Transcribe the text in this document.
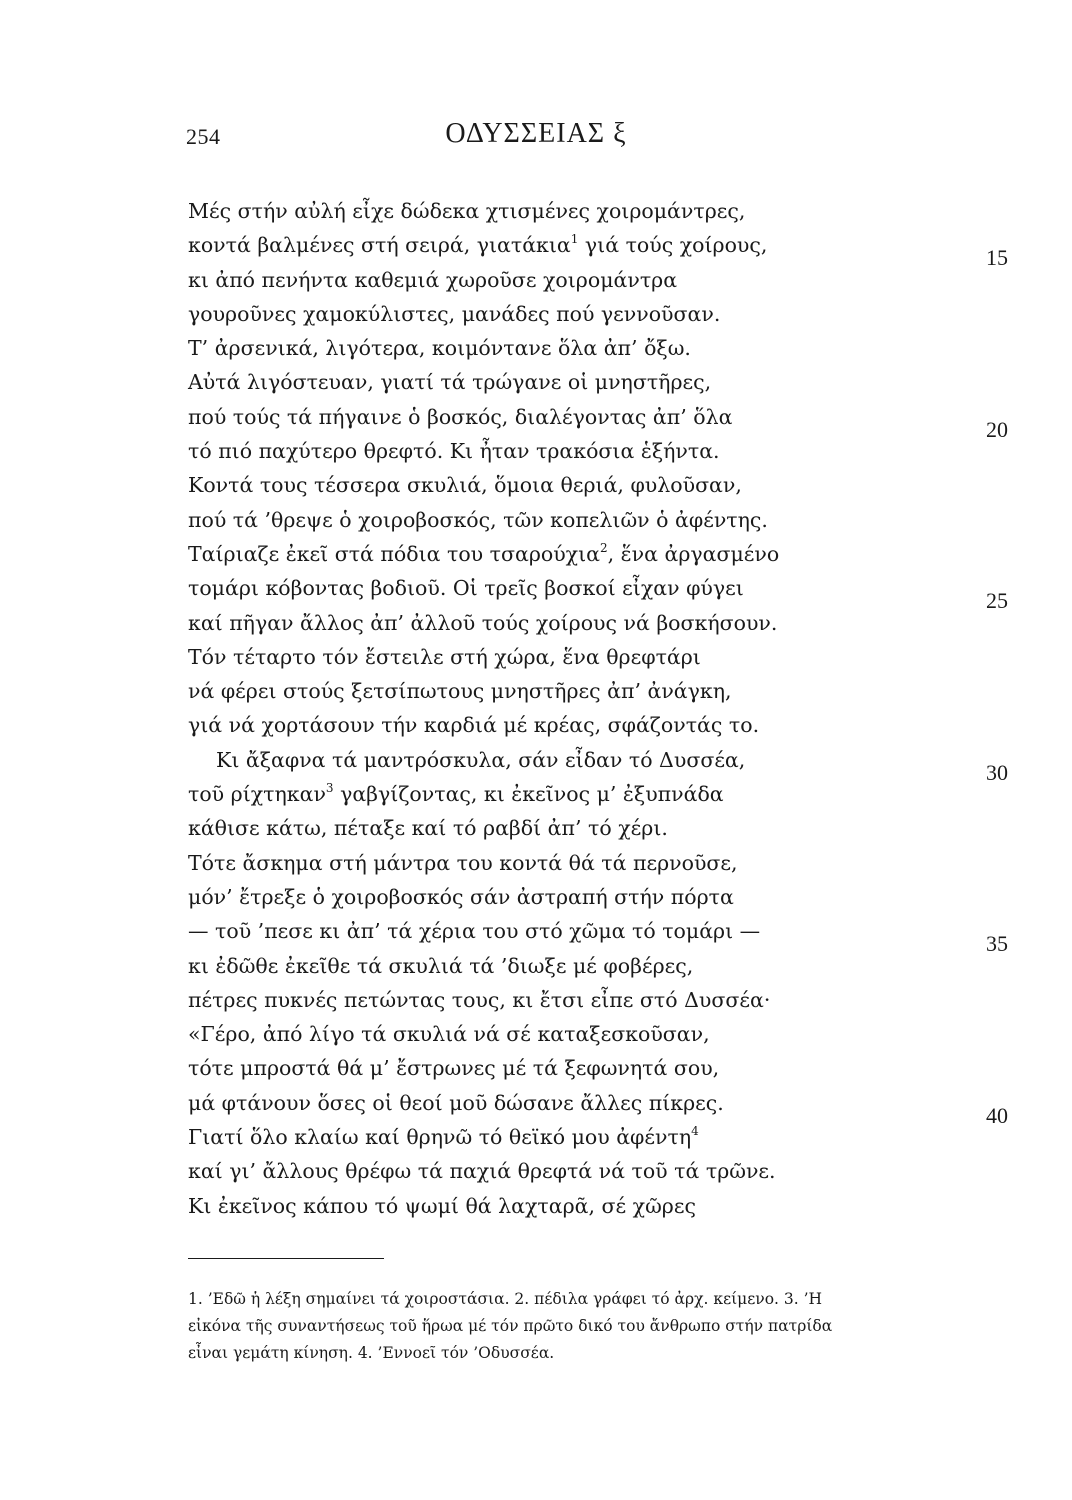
254	ΟΔΥΣΣΕΙΑΣ ξ
Μές στήν αὐλή εἶχε δώδεκα χτισμένες χοιρομάντρες,
κοντά βαλμένες στή σειρά, γιατάκια$^1$ γιά τούς χοίρους,	15
κι ἀπό πενήντα καθεμιά χωροῦσε χοιρομάντρα
γουροῦνες χαμοκύλιστες, μανάδες πού γεννοῦσαν.
Τ’ ἀρσενικά, λιγότερα, κοιμόντανε ὅλα ἀπ’ ὄξω.
Αὐτά λιγόστευαν, γιατί τά τρώγανε οἱ μνηστῆρες,
πού τούς τά πήγαινε ὁ βοσκός, διαλέγοντας ἀπ’ ὅλα	20
τό πιό παχύτερο θρεφτό. Κι ἦταν τρακόσια ἑξήντα.
Κοντά τους τέσσερα σκυλιά, ὅμοια θεριά, φυλοῦσαν,
πού τά ’θρεψε ὁ χοιροβοσκός, τῶν κοπελιῶν ὁ ἀφέντης.
Ταίριαζε ἐκεῖ στά πόδια του τσαρούχια$^2$, ἕνα ἀργασμένο
τομάρι κόβοντας βοδιοῦ. Οἱ τρεῖς βοσκοί εἶχαν φύγει	25
καί πῆγαν ἄλλος ἀπ’ ἀλλοῦ τούς χοίρους νά βοσκήσουν.
Τόν τέταρτο τόν ἔστειλε στή χώρα, ἕνα θρεφτάρι
νά φέρει στούς ξετσίπωτους μνηστῆρες ἀπ’ ἀνάγκη,
γιά νά χορτάσουν τήν καρδιά μέ κρέας, σφάζοντάς το.
Κι ἄξαφνα τά μαντρόσκυλα, σάν εἶδαν τό Δυσσέα,	30
τοῦ ρίχτηκαν$^3$ γαβγίζοντας, κι ἐκεῖνος μ’ ἐξυπνάδα
κάθισε κάτω, πέταξε καί τό ραβδί ἀπ’ τό χέρι.
Τότε ἄσκημα στή μάντρα του κοντά θά τά περνοῦσε,
μόν’ ἔτρεξε ὁ χοιροβοσκός σάν ἀστραπή στήν πόρτα
— τοῦ ’πεσε κι ἀπ’ τά χέρια του στό χῶμα τό τομάρι —	35
κι ἐδῶθε ἐκεῖθε τά σκυλιά τά ’διωξε μέ φοβέρες,
πέτρες πυκνές πετώντας τους, κι ἔτσι εἶπε στό Δυσσέα·
«Γέρο, ἀπό λίγο τά σκυλιά νά σέ καταξεσκοῦσαν,
τότε μπροστά θά μ’ ἔστρωνες μέ τά ξεφωνητά σου,
μά φτάνουν ὅσες οἱ θεοί μοῦ δώσανε ἄλλες πίκρες.	40
Γιατί ὅλο κλαίω καί θρηνῶ τό θεϊκό μου ἀφέντη$^4$
καί γι’ ἄλλους θρέφω τά παχιά θρεφτά νά τοῦ τά τρῶνε.
Κι ἐκεῖνος κάπου τό ψωμί θά λαχταρᾶ, σέ χῶρες
1. ’Εδῶ ἡ λέξη σημαίνει τά χοιροστάσια. 2. πέδιλα γράφει τό ἀρχ. κείμενο. 3. ’Η
εἰκόνα τῆς συναντήσεως τοῦ ἥρωα μέ τόν πρῶτο δικό του ἄνθρωπο στήν πατρίδα
εἶναι γεμάτη κίνηση. 4. ’Εννοεῖ τόν ’Οδυσσέα.
